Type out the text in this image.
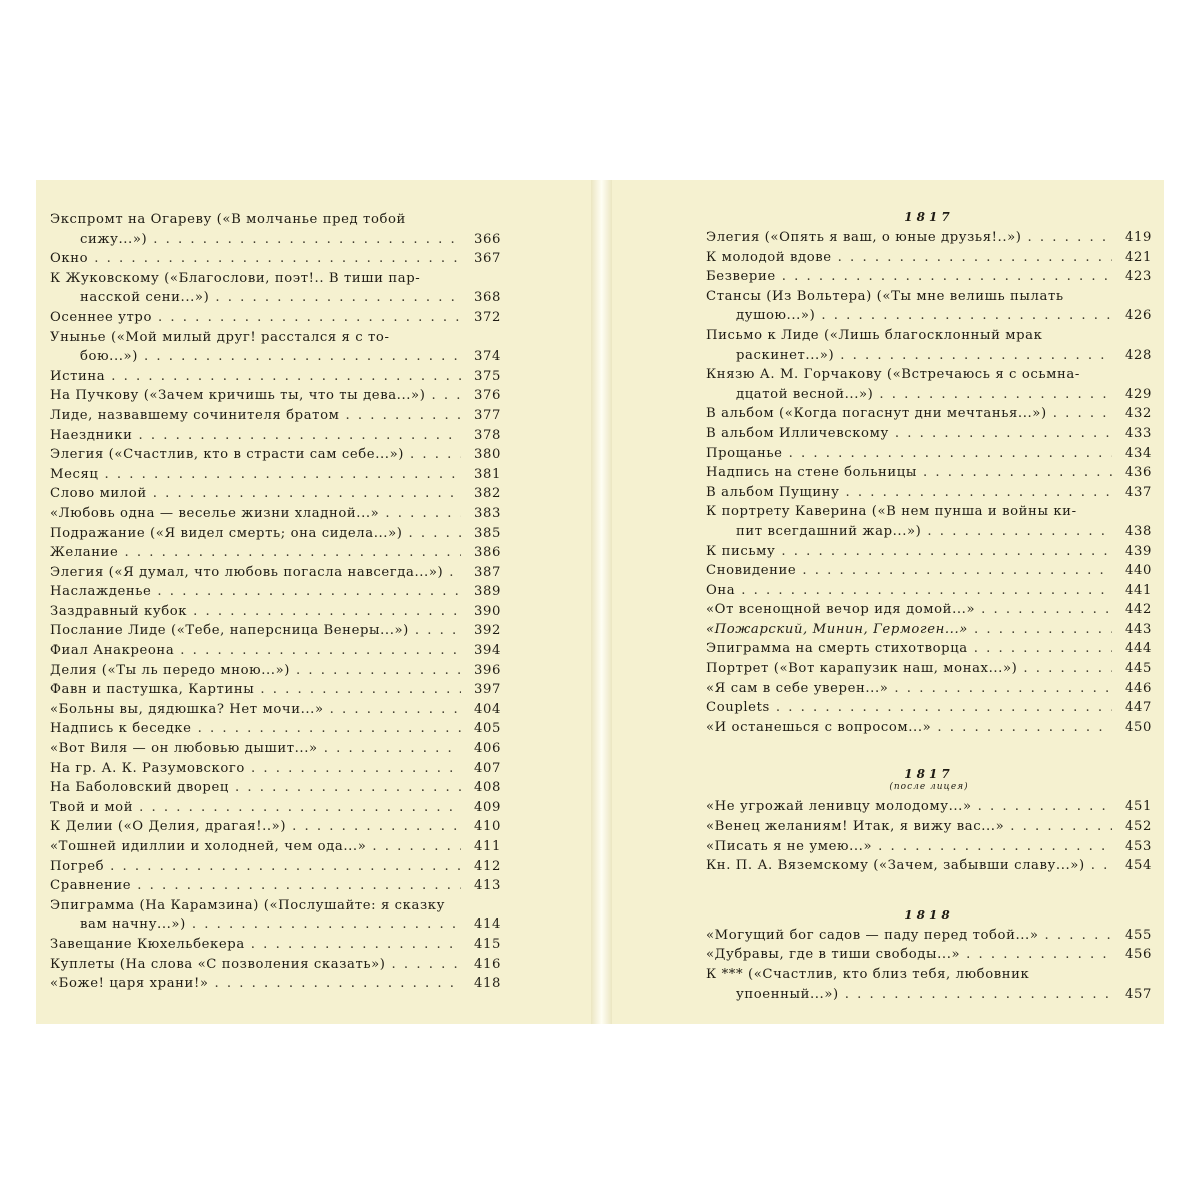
Экспромт на Огареву («В молчанье пред тобой
сижу...») . . .	366
Окно . . .	367
К Жуковскому («Благослови, поэт!.. В тиши пар-
насской сени...») . . .	368
Осеннее утро . . .	372
Унынье («Мой милый друг! расстался я с то-
бою...») . . .	374
Истина . . .	375
На Пучкову («Зачем кричишь ты, что ты дева...») . . .	376
Лиде, назвавшему сочинителя братом . . .	377
Наездники . . .	378
Элегия («Счастлив, кто в страсти сам себе...») . . .	380
Месяц . . .	381
Слово милой . . .	382
«Любовь одна — веселье жизни хладной...» . . .	383
Подражание («Я видел смерть; она сидела...») . . .	385
Желание . . .	386
Элегия («Я думал, что любовь погасла навсегда...») . . .	387
Наслажденье . . .	389
Заздравный кубок . . .	390
Послание Лиде («Тебе, наперсница Венеры...») . . .	392
Фиал Анакреона . . .	394
Делия («Ты ль передо мною...») . . .	396
Фавн и пастушка, Картины . . .	397
«Больны вы, дядюшка? Нет мочи...» . . .	404
Надпись к беседке . . .	405
«Вот Виля — он любовью дышит...» . . .	406
На гр. А. К. Разумовского . . .	407
На Баболовский дворец . . .	408
Твой и мой . . .	409
К Делии («О Делия, драгая!..») . . .	410
«Тошней идиллии и холодней, чем ода...» . . .	411
Погреб . . .	412
Сравнение . . .	413
Эпиграмма (На Карамзина) («Послушайте: я сказку
вам начну...») . . .	414
Завещание Кюхельбекера . . .	415
Куплеты (На слова «С позволения сказать») . . .	416
«Боже! царя храни!» . . .	418
1817
Элегия («Опять я ваш, о юные друзья!..») . . .	419
К молодой вдове . . .	421
Безверие . . .	423
Стансы (Из Вольтера) («Ты мне велишь пылать
душою...») . . .	426
Письмо к Лиде («Лишь благосклонный мрак
раскинет...») . . .	428
Князю А. М. Горчакову («Встречаюсь я с осьмна-
дцатой весной...») . . .	429
В альбом («Когда погаснут дни мечтанья...») . . .	432
В альбом Илличевскому . . .	433
Прощанье . . .	434
Надпись на стене больницы . . .	436
В альбом Пущину . . .	437
К портрету Каверина («В нем пунша и войны ки-
пит всегдашний жар...») . . .	438
К письму . . .	439
Сновидение . . .	440
Она . . .	441
«От всенощной вечор идя домой...» . . .	442
«Пожарский, Минин, Гермоген...» . . .	443
Эпиграмма на смерть стихотворца . . .	444
Портрет («Вот карапузик наш, монах...») . . .	445
«Я сам в себе уверен...» . . .	446
Couplets . . .	447
«И останешься с вопросом...» . . .	450
1817
(после лицея)
«Не угрожай ленивцу молодому...» . . .	451
«Венец желаниям! Итак, я вижу вас...» . . .	452
«Писать я не умею...» . . .	453
Кн. П. А. Вяземскому («Зачем, забывши славу...») . . .	454
1818
«Могущий бог садов — паду перед тобой...» . . .	455
«Дубравы, где в тиши свободы...» . . .	456
К *** («Счастлив, кто близ тебя, любовник
упоенный...») . . .	457
